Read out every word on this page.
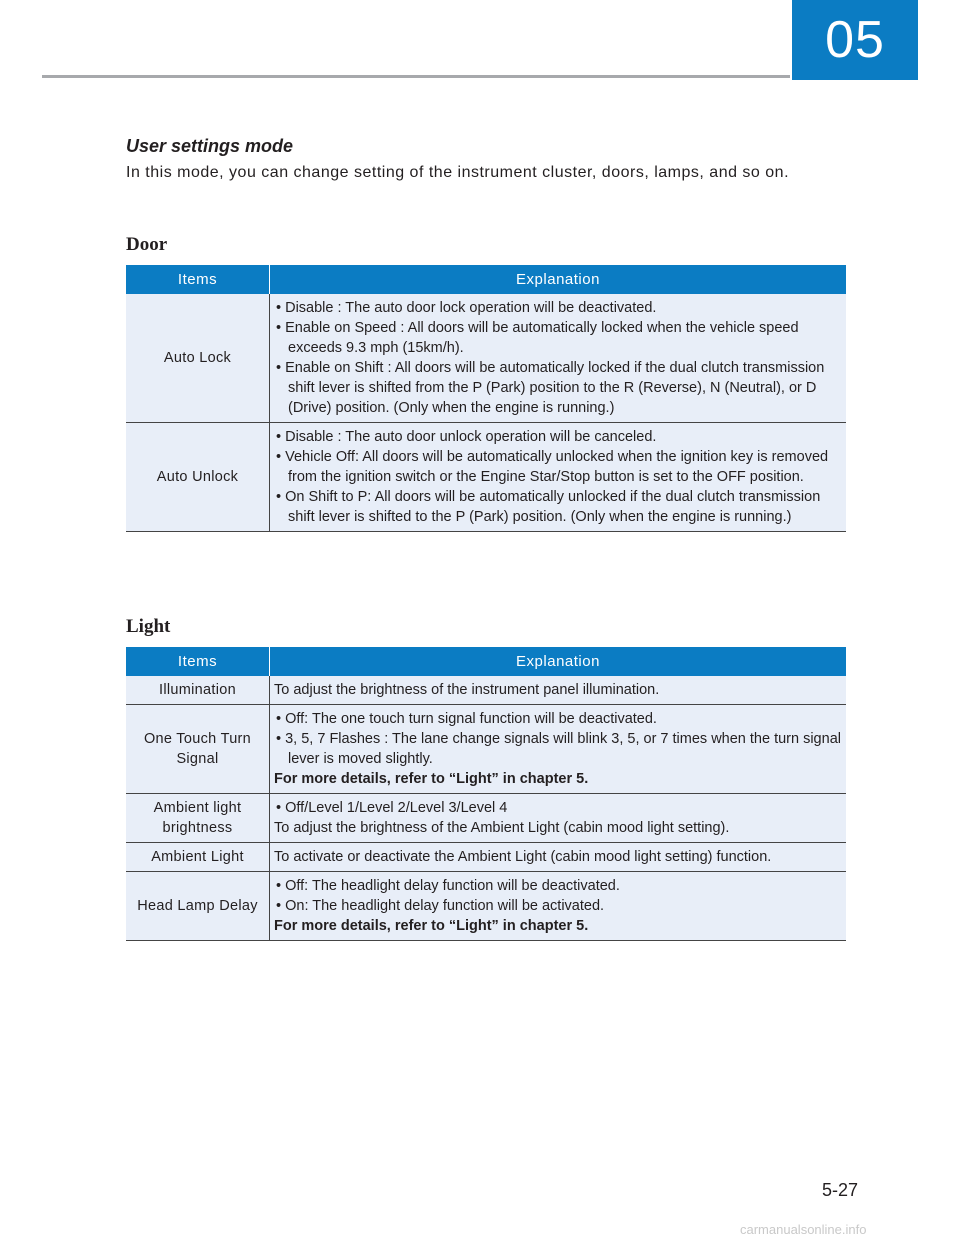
05
User settings mode
In this mode, you can change setting of the instrument cluster, doors, lamps, and so on.
Door
Items	Explanation
Auto Lock	• Disable : The auto door lock operation will be deactivated.
• Enable on Speed : All doors will be automatically locked when the vehicle speed exceeds 9.3 mph (15km/h).
• Enable on Shift : All doors will be automatically locked if the dual clutch transmission shift lever is shifted from the P (Park) position to the R (Reverse), N (Neutral), or D (Drive) position. (Only when the engine is running.)

Auto Unlock	• Disable : The auto door unlock operation will be canceled.
• Vehicle Off: All doors will be automatically unlocked when the ignition key is removed from the ignition switch or the Engine Star/Stop button is set to the OFF position.
• On Shift to P: All doors will be automatically unlocked if the dual clutch transmission shift lever is shifted to the P (Park) position. (Only when the engine is running.)
Light
Items	Explanation
Illumination	To adjust the brightness of the instrument panel illumination.

One Touch Turn Signal	• Off: The one touch turn signal function will be deactivated.
• 3, 5, 7 Flashes : The lane change signals will blink 3, 5, or 7 times when the turn signal lever is moved slightly.
For more details, refer to “Light” in chapter 5.

Ambient light brightness	• Off/Level 1/Level 2/Level 3/Level 4
To adjust the brightness of the Ambient Light (cabin mood light setting).

Ambient Light	To activate or deactivate the Ambient Light (cabin mood light setting) function.

Head Lamp Delay	• Off: The headlight delay function will be deactivated.
• On: The headlight delay function will be activated.
For more details, refer to “Light” in chapter 5.
5-27
carmanualsonline.info
